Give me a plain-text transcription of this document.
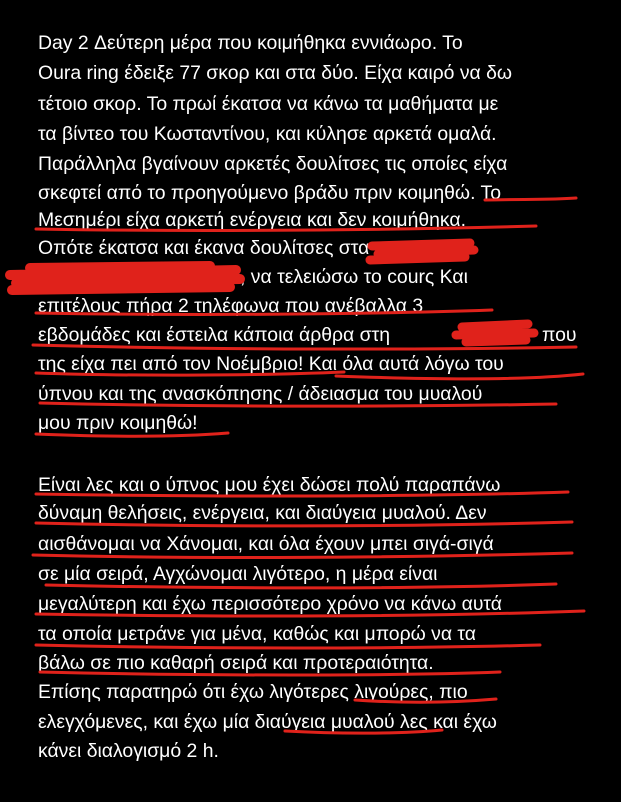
Day 2 Δεύτερη μέρα που κοιμήθηκα εννιάωρο. Το
Oura ring έδειξε 77 σκορ και στα δύο. Είχα καιρό να δω
τέτοιο σκορ. Το πρωί έκατσα να κάνω τα μαθήματα με
τα βίντεο του Κωσταντίνου, και κύλησε αρκετά ομαλά.
Παράλληλα βγαίνουν αρκετές δουλίτσες τις οποίες είχα
σκεφτεί από το προηγούμενο βράδυ πριν κοιμηθώ. Το
Μεσημέρι είχα αρκετή ενέργεια και δεν κοιμήθηκα.
Οπότε έκατσα και έκανα δουλίτσες στα
, να τελειώσω το courς Και
επιτέλους πήρα 2 τηλέφωνα που ανέβαλλα 3
εβδομάδες και έστειλα κάποια άρθρα στη	που
της είχα πει από τον Νοέμβριο! Και όλα αυτά λόγω του
ύπνου και της ανασκόπησης / άδειασμα του μυαλού
μου πριν κοιμηθώ!
Είναι λες και ο ύπνος μου έχει δώσει πολύ παραπάνω
δύναμη θελήσεις, ενέργεια, και διαύγεια μυαλού. Δεν
αισθάνομαι να Χάνομαι, και όλα έχουν μπει σιγά-σιγά
σε μία σειρά, Αγχώνομαι λιγότερο, η μέρα είναι
μεγαλύτερη και έχω περισσότερο χρόνο να κάνω αυτά
τα οποία μετράνε για μένα, καθώς και μπορώ να τα
βάλω σε πιο καθαρή σειρά και προτεραιότητα.
Επίσης παρατηρώ ότι έχω λιγότερες λιγούρες, πιο
ελεγχόμενες, και έχω μία διαύγεια μυαλού λες και έχω
κάνει διαλογισμό 2 h.
